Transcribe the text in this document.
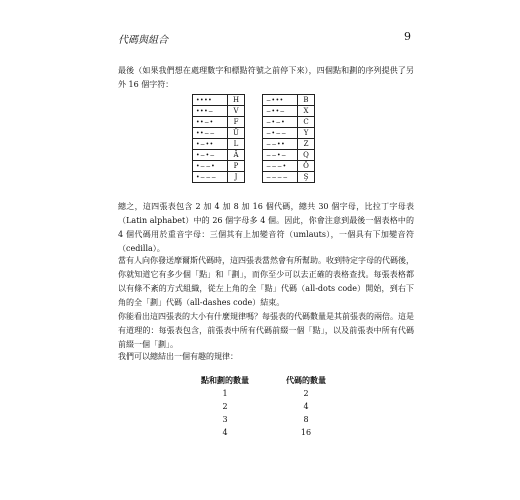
代碼與組合	9

最後（如果我們想在處理數字和標點符號之前停下來），四個點和劃的序列提供了另外 16 個字符：

••••	H
•••−	V
••−•	F
••−−	Ü
•−••	L
•−•−	Ä
•−−•	P
•−−−	J
−•••	B
−••−	X
−•−•	C
−•−−	Y
−−••	Z
−−•−	Q
−−−•	Ö
−−−−	Ş

總之，這四張表包含 2 加 4 加 8 加 16 個代碼，總共 30 個字母，比拉丁字母表（Latin alphabet）中的 26 個字母多 4 個。因此，你會注意到最後一個表格中的 4 個代碼用於重音字母：三個其有上加變音符（umlauts），一個具有下加變音符（cedilla）。

當有人向你發送摩爾斯代碼時，這四張表當然會有所幫助。收到特定字母的代碼後，你就知道它有多少個「點」和「劃」，而你至少可以去正確的表格查找。每張表格都以有條不紊的方式組織，從左上角的全「點」代碼（all-dots code）開始，到右下角的全「劃」代碼（all-dashes code）結束。

你能看出這四張表的大小有什麼規律嗎？每張表的代碼數量是其前張表的兩倍。這是有道理的：每張表包含，前張表中所有代碼前綴一個「點」，以及前張表中所有代碼前綴一個「劃」。

我們可以總結出一個有趣的規律：

點和劃的數量		代碼的數量
1		2
2		4
3		8
4		16
